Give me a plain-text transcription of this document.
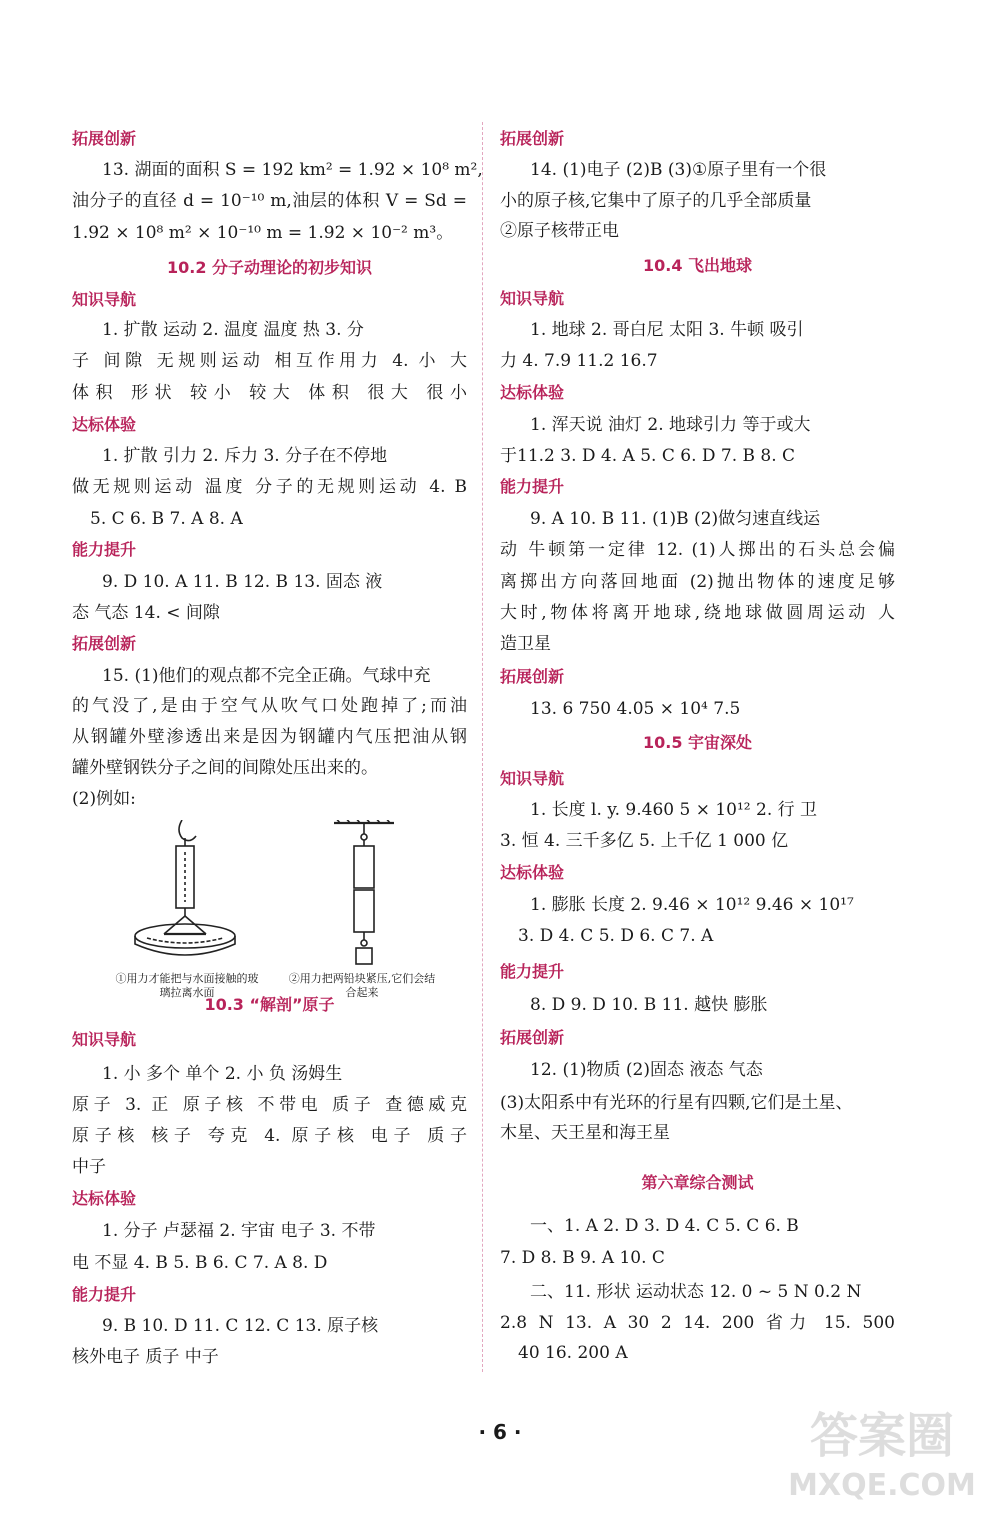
拓展创新
13. 湖面的面积 S = 192 km² = 1.92 × 10⁸ m²,
油分子的直径 d = 10⁻¹⁰ m,油层的体积 V = Sd =
1.92 × 10⁸ m² × 10⁻¹⁰ m = 1.92 × 10⁻² m³。
10.2 分子动理论的初步知识
知识导航
1. 扩散 运动 2. 温度 温度 热 3. 分
子 间隙 无规则运动 相互作用力 4. 小 大
体积 形状 较小 较大 体积 很大 很小
达标体验
1. 扩散 引力 2. 斥力 3. 分子在不停地
做无规则运动 温度 分子的无规则运动 4. B
5. C 6. B 7. A 8. A
能力提升
9. D 10. A 11. B 12. B 13. 固态 液
态 气态 14. < 间隙
拓展创新
15. (1)他们的观点都不完全正确。气球中充
的气没了,是由于空气从吹气口处跑掉了;而油
从钢罐外壁渗透出来是因为钢罐内气压把油从钢
罐外壁钢铁分子之间的间隙处压出来的。
(2)例如:
①用力才能把与水面接触的玻璃拉离水面
②用力把两铅块紧压,它们会结合起来
10.3 “解剖”原子
知识导航
1. 小 多个 单个 2. 小 负 汤姆生
原子 3. 正 原子核 不带电 质子 查德威克
原子核 核子 夸克 4. 原子核 电子 质子
中子
达标体验
1. 分子 卢瑟福 2. 宇宙 电子 3. 不带
电 不显 4. B 5. B 6. C 7. A 8. D
能力提升
9. B 10. D 11. C 12. C 13. 原子核
核外电子 质子 中子
拓展创新
14. (1)电子 (2)B (3)①原子里有一个很
小的原子核,它集中了原子的几乎全部质量
②原子核带正电
10.4 飞出地球
知识导航
1. 地球 2. 哥白尼 太阳 3. 牛顿 吸引
力 4. 7.9 11.2 16.7
达标体验
1. 浑天说 油灯 2. 地球引力 等于或大
于11.2 3. D 4. A 5. C 6. D 7. B 8. C
能力提升
9. A 10. B 11. (1)B (2)做匀速直线运
动 牛顿第一定律 12. (1)人掷出的石头总会偏
离掷出方向落回地面 (2)抛出物体的速度足够
大时,物体将离开地球,绕地球做圆周运动 人
造卫星
拓展创新
13. 6 750 4.05 × 10⁴ 7.5
10.5 宇宙深处
知识导航
1. 长度 l. y. 9.460 5 × 10¹² 2. 行 卫
3. 恒 4. 三千多亿 5. 上千亿 1 000 亿
达标体验
1. 膨胀 长度 2. 9.46 × 10¹² 9.46 × 10¹⁷
3. D 4. C 5. D 6. C 7. A
能力提升
8. D 9. D 10. B 11. 越快 膨胀
拓展创新
12. (1)物质 (2)固态 液态 气态
(3)太阳系中有光环的行星有四颗,它们是土星、
木星、天王星和海王星
第六章综合测试
一、1. A 2. D 3. D 4. C 5. C 6. B
7. D 8. B 9. A 10. C
二、11. 形状 运动状态 12. 0 ~ 5 N 0.2 N
2.8 N 13. A 30 2 14. 200 省力 15. 500
40 16. 200 A
· 6 ·	答案圈
MXQE.COM
